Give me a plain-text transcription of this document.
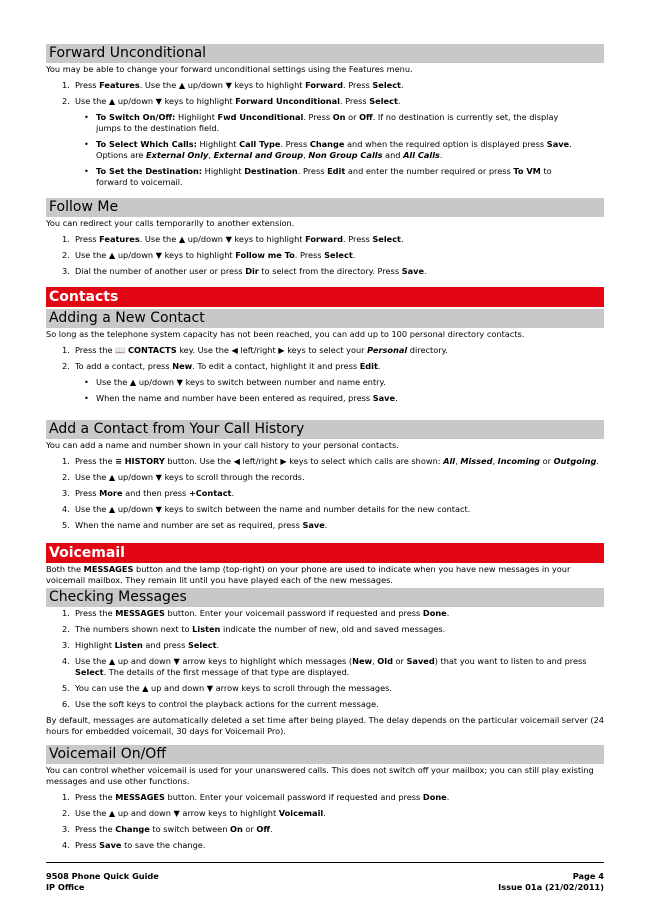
Forward Unconditional
You may be able to change your forward unconditional settings using the Features menu.
1. Press Features. Use the ▲ up/down ▼ keys to highlight Forward. Press Select.
2. Use the ▲ up/down ▼ keys to highlight Forward Unconditional. Press Select.
• To Switch On/Off: Highlight Fwd Unconditional. Press On or Off. If no destination is currently set, the display jumps to the destination field.
• To Select Which Calls: Highlight Call Type. Press Change and when the required option is displayed press Save. Options are External Only, External and Group, Non Group Calls and All Calls.
• To Set the Destination: Highlight Destination. Press Edit and enter the number required or press To VM to forward to voicemail.
Follow Me
You can redirect your calls temporarily to another extension.
1. Press Features. Use the ▲ up/down ▼ keys to highlight Forward. Press Select.
2. Use the ▲ up/down ▼ keys to highlight Follow me To. Press Select.
3. Dial the number of another user or press Dir to select from the directory. Press Save.
Contacts
Adding a New Contact
So long as the telephone system capacity has not been reached, you can add up to 100 personal directory contacts.
1. Press the 📖 CONTACTS key. Use the ◀ left/right ▶ keys to select your Personal directory.
2. To add a contact, press New. To edit a contact, highlight it and press Edit.
• Use the ▲ up/down ▼ keys to switch between number and name entry.
• When the name and number have been entered as required, press Save.
Add a Contact from Your Call History
You can add a name and number shown in your call history to your personal contacts.
1. Press the ≡ HISTORY button. Use the ◀ left/right ▶ keys to select which calls are shown: All, Missed, Incoming or Outgoing.
2. Use the ▲ up/down ▼ keys to scroll through the records.
3. Press More and then press +Contact.
4. Use the ▲ up/down ▼ keys to switch between the name and number details for the new contact.
5. When the name and number are set as required, press Save.
Voicemail
Both the MESSAGES button and the lamp (top-right) on your phone are used to indicate when you have new messages in your voicemail mailbox. They remain lit until you have played each of the new messages.
Checking Messages
1. Press the MESSAGES button. Enter your voicemail password if requested and press Done.
2. The numbers shown next to Listen indicate the number of new, old and saved messages.
3. Highlight Listen and press Select.
4. Use the ▲ up and down ▼ arrow keys to highlight which messages (New, Old or Saved) that you want to listen to and press Select. The details of the first message of that type are displayed.
5. You can use the ▲ up and down ▼ arrow keys to scroll through the messages.
6. Use the soft keys to control the playback actions for the current message.
By default, messages are automatically deleted a set time after being played. The delay depends on the particular voicemail server (24 hours for embedded voicemail, 30 days for Voicemail Pro).
Voicemail On/Off
You can control whether voicemail is used for your unanswered calls. This does not switch off your mailbox; you can still play existing messages and use other functions.
1. Press the MESSAGES button. Enter your voicemail password if requested and press Done.
2. Use the ▲ up and down ▼ arrow keys to highlight Voicemail.
3. Press the Change to switch between On or Off.
4. Press Save to save the change.
Page 4
9508 Phone Quick Guide
Issue 01a (21/02/2011)
IP Office
